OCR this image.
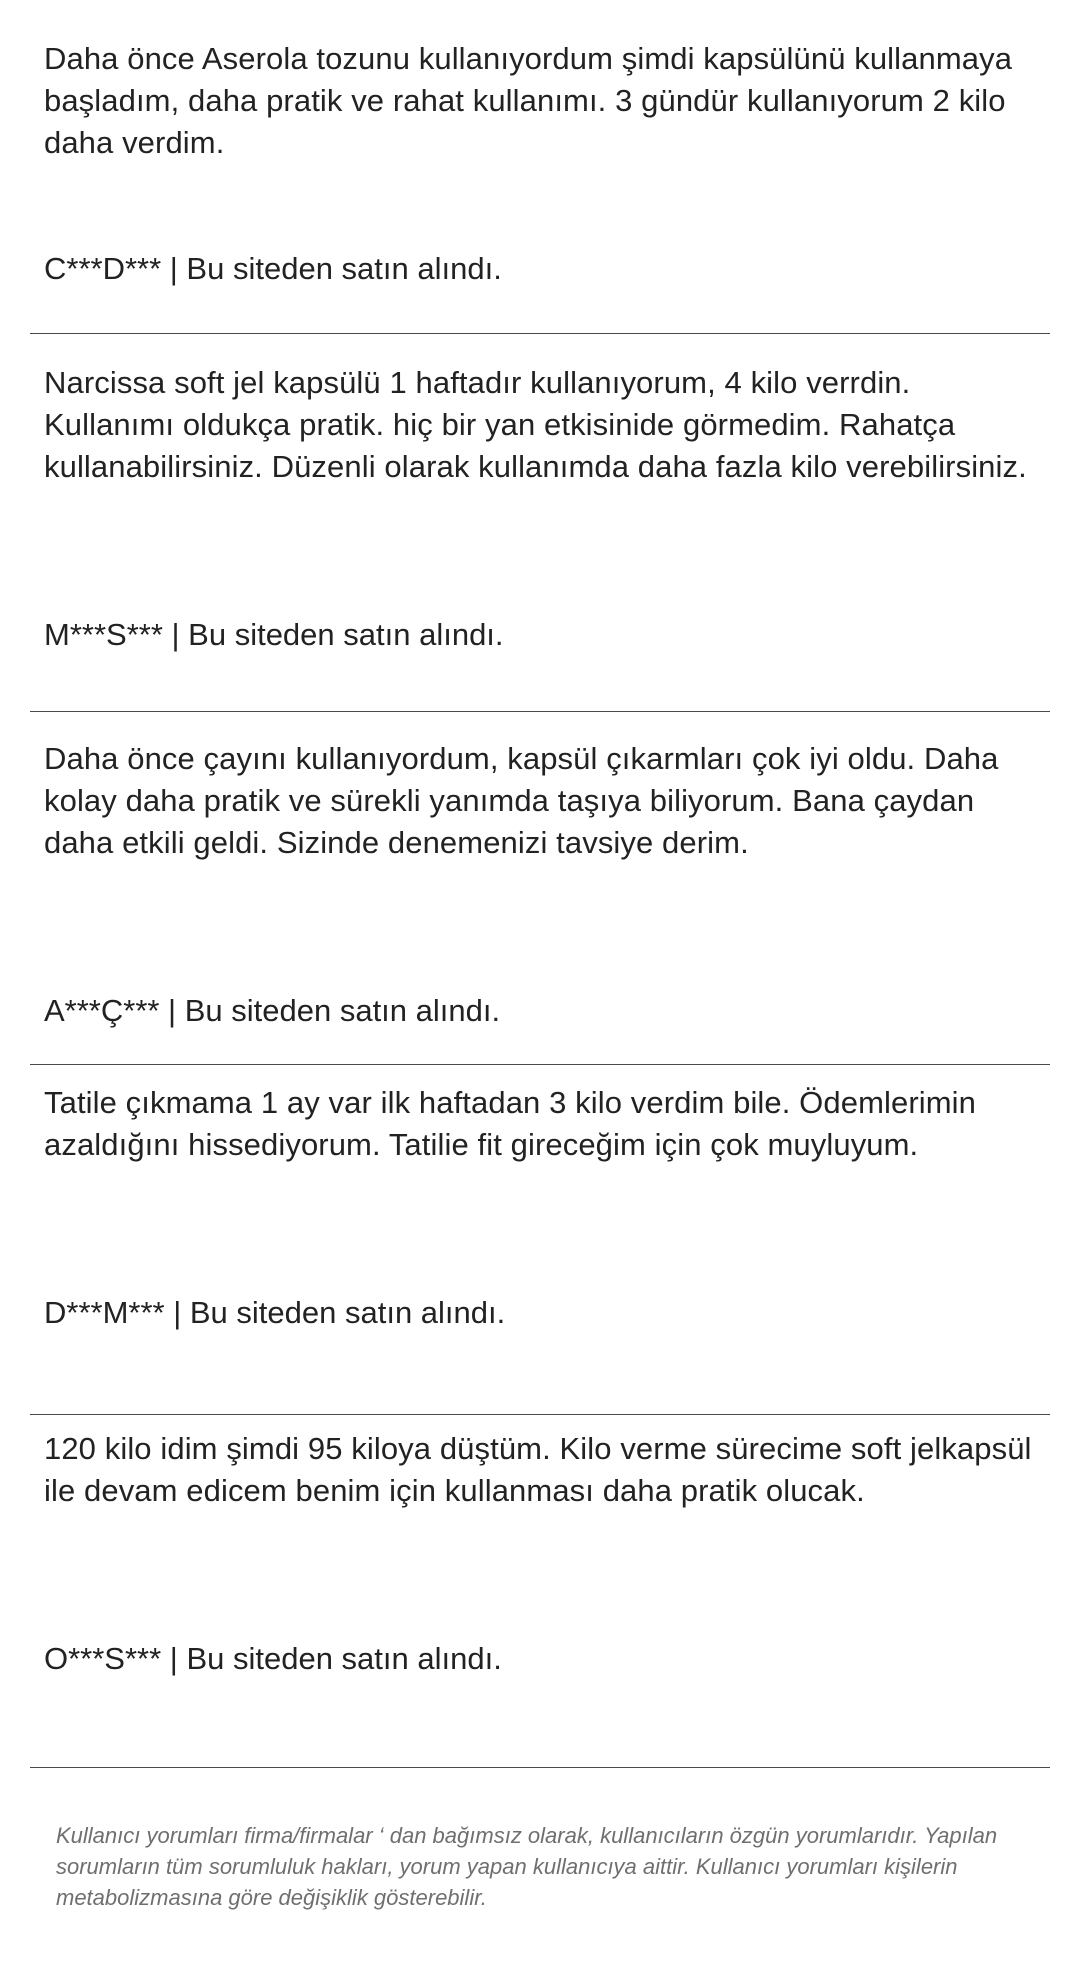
Daha önce Aserola tozunu kullanıyordum şimdi kapsülünü kullanmaya başladım, daha pratik ve rahat kullanımı. 3 gündür kullanıyorum 2 kilo daha verdim.

C***D*** | Bu siteden satın alındı.

Narcissa soft jel kapsülü 1 haftadır kullanıyorum, 4 kilo verrdin. Kullanımı oldukça pratik. hiç bir yan etkisinide görmedim. Rahatça kullanabilirsiniz. Düzenli olarak kullanımda daha fazla kilo verebilirsiniz.

M***S*** | Bu siteden satın alındı.

Daha önce çayını kullanıyordum, kapsül çıkarmları çok iyi oldu. Daha kolay daha pratik ve sürekli yanımda taşıya biliyorum. Bana çaydan daha etkili geldi. Sizinde denemenizi tavsiye derim.

A***Ç*** | Bu siteden satın alındı.

Tatile çıkmama 1 ay var ilk haftadan 3 kilo verdim bile. Ödemlerimin azaldığını hissediyorum. Tatilie fit gireceğim için çok muyluyum.

D***M*** | Bu siteden satın alındı.

120 kilo idim şimdi 95 kiloya düştüm. Kilo verme sürecime soft jelkapsül ile devam edicem benim için kullanması daha pratik olucak.

O***S*** | Bu siteden satın alındı.

Kullanıcı yorumları firma/firmalar ‘ dan bağımsız olarak, kullanıcıların özgün yorumlarıdır. Yapılan sorumların tüm sorumluluk hakları, yorum yapan kullanıcıya aittir. Kullanıcı yorumları kişilerin metabolizmasına göre değişiklik gösterebilir.
